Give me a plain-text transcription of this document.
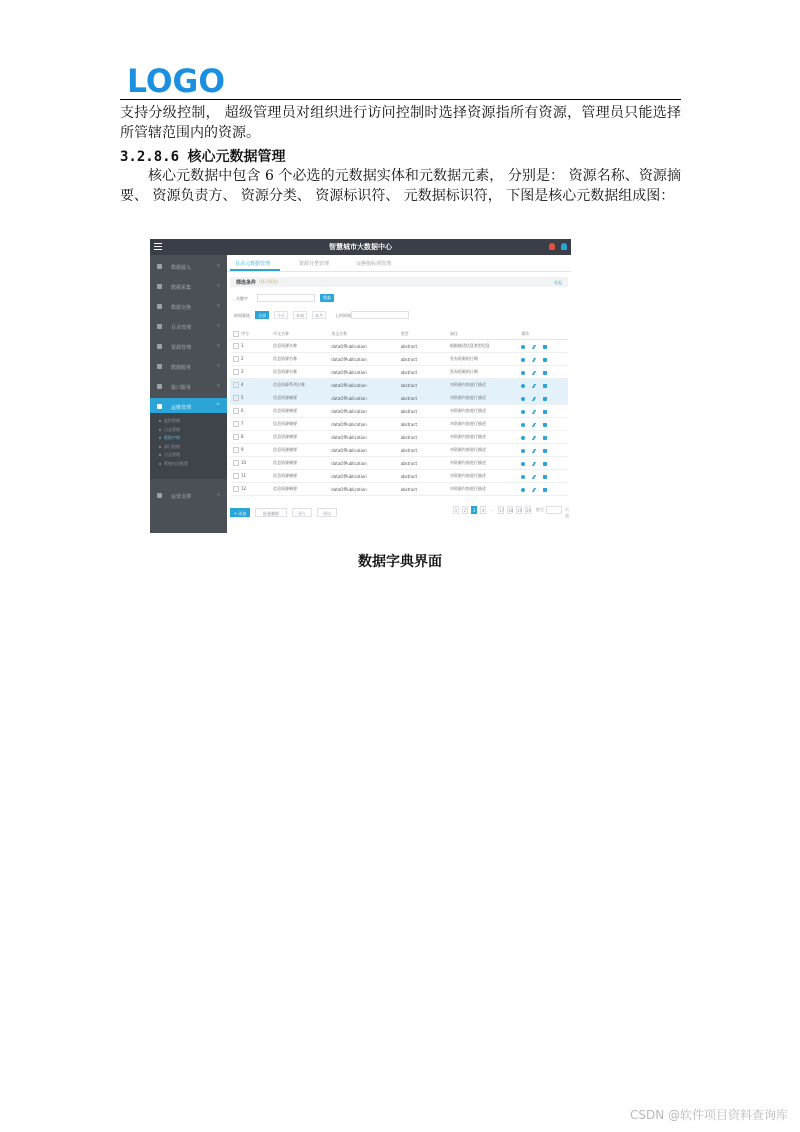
LOGO
支持分级控制， 超级管理员对组织进行访问控制时选择资源指所有资源，管理员只能选择所管辖范围内的资源。
3.2.8.6 核心元数据管理
核心元数据中包含 6 个必选的元数据实体和元数据元素， 分别是： 资源名称、资源摘要、 资源负责方、 资源分类、 资源标识符、 元数据标识符， 下图是核心元数据组成图：
智慧城市大数据中心
数据接入	v
数据采集	v
数据交换	v
目录管理	v
资源管理	v
数据服务	v
接口服务	v
运维管理	^
运营支撑	v
监控管理
日志管理
数据字典
部门机构
日志管理
系统内存配置
目录元数据管理	资源分类管理	交换指标项管理
筛选条件 (展开筛选)	收起
关键字	搜索
时间筛选	全部	今天	本周	本月	上传时间
序号	中文名称	英文名称	类型	备注	操作
1	信息资源名称	dataOfPublication	abstract	根据描述信息类型信息	
2	信息资源名称	dataOfPublication	abstract	发布资源的日期	
3	信息资源名称	dataOfPublication	abstract	发布资源的日期	
4	信息资源系列名称	dataOfPublication	abstract	对资源内容进行描述	
5	信息资源摘要	dataOfPublication	abstract	对资源内容进行描述	
6	信息资源摘要	dataOfPublication	abstract	对资源内容进行描述	
7	信息资源摘要	dataOfPublication	abstract	对资源内容进行描述	
8	信息资源摘要	dataOfPublication	abstract	对资源内容进行描述	
9	信息资源摘要	dataOfPublication	abstract	对资源内容进行描述	
10	信息资源摘要	dataOfPublication	abstract	对资源内容进行描述	
11	信息资源摘要	dataOfPublication	abstract	对资源内容进行描述	
12	信息资源摘要	dataOfPublication	abstract	对资源内容进行描述	
+ 添加	批量删除	导入	导出
1	2	3	4	... 17 18 19 20 跳至	页面
数据字典界面
CSDN @软件项目资料查询库
